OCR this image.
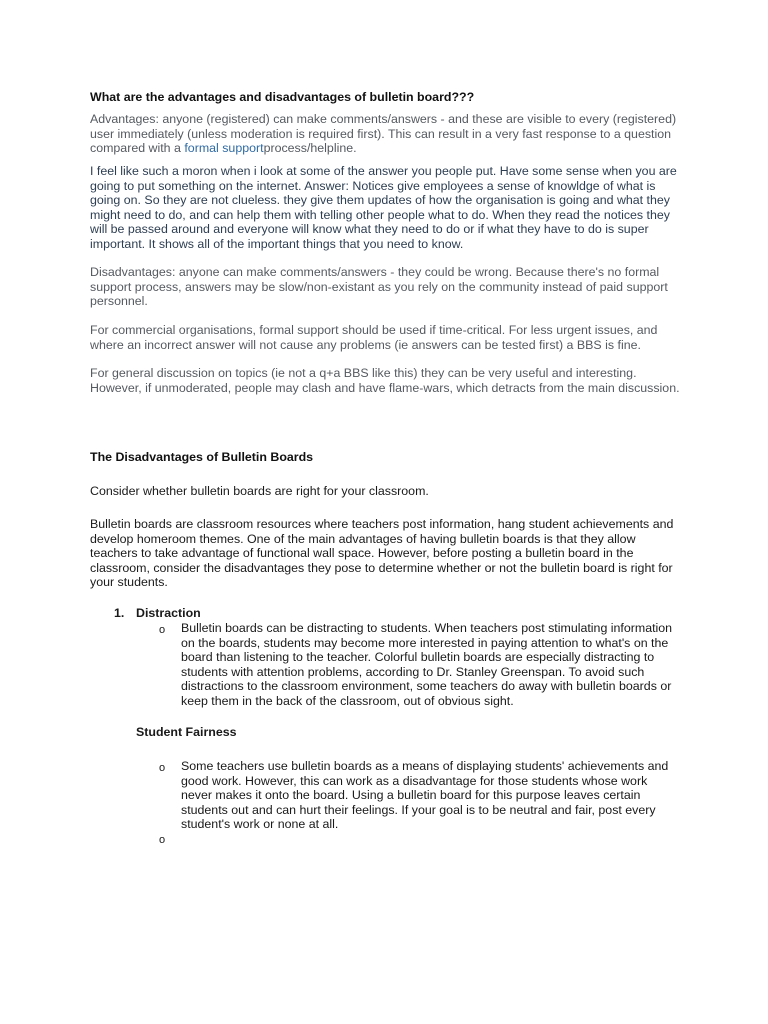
What are the advantages and disadvantages of bulletin board???

Advantages: anyone (registered) can make comments/answers - and these are visible to every (registered) user immediately (unless moderation is required first). This can result in a very fast response to a question compared with a formal supportprocess/helpline.

I feel like such a moron when i look at some of the answer you people put. Have some sense when you are going to put something on the internet. Answer: Notices give employees a sense of knowldge of what is going on. So they are not clueless. they give them updates of how the organisation is going and what they might need to do, and can help them with telling other people what to do. When they read the notices they will be passed around and everyone will know what they need to do or if what they have to do is super important. It shows all of the important things that you need to know.

Disadvantages: anyone can make comments/answers - they could be wrong. Because there's no formal support process, answers may be slow/non-existant as you rely on the community instead of paid support personnel.

For commercial organisations, formal support should be used if time-critical. For less urgent issues, and where an incorrect answer will not cause any problems (ie answers can be tested first) a BBS is fine.

For general discussion on topics (ie not a q+a BBS like this) they can be very useful and interesting. However, if unmoderated, people may clash and have flame-wars, which detracts from the main discussion.

The Disadvantages of Bulletin Boards

Consider whether bulletin boards are right for your classroom.

Bulletin boards are classroom resources where teachers post information, hang student achievements and develop homeroom themes. One of the main advantages of having bulletin boards is that they allow teachers to take advantage of functional wall space. However, before posting a bulletin board in the classroom, consider the disadvantages they pose to determine whether or not the bulletin board is right for your students.

1. Distraction
o Bulletin boards can be distracting to students. When teachers post stimulating information on the boards, students may become more interested in paying attention to what's on the board than listening to the teacher. Colorful bulletin boards are especially distracting to students with attention problems, according to Dr. Stanley Greenspan. To avoid such distractions to the classroom environment, some teachers do away with bulletin boards or keep them in the back of the classroom, out of obvious sight.

Student Fairness
o Some teachers use bulletin boards as a means of displaying students' achievements and good work. However, this can work as a disadvantage for those students whose work never makes it onto the board. Using a bulletin board for this purpose leaves certain students out and can hurt their feelings. If your goal is to be neutral and fair, post every student's work or none at all.

o
